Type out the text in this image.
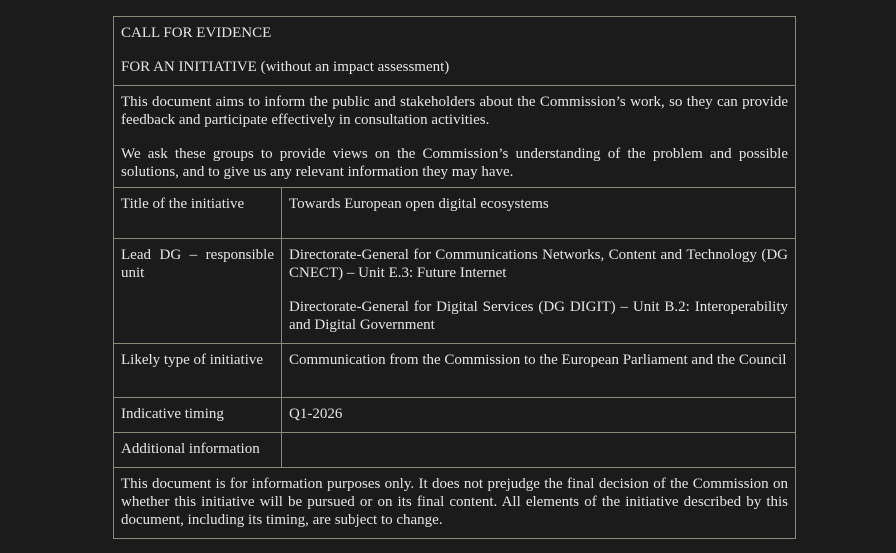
CALL FOR EVIDENCE

FOR AN INITIATIVE (without an impact assessment)	

This document aims to inform the public and stakeholders about the Commission’s work, so they can provide feedback and participate effectively in consultation activities.

We ask these groups to provide views on the Commission’s understanding of the problem and possible solutions, and to give us any relevant information they may have.	

Title of the initiative	Towards European open digital ecosystems
Lead DG – responsible unit	Directorate-General for Communications Networks, Content and Technology (DG CNECT) – Unit E.3: Future Internet

Directorate-General for Digital Services (DG DIGIT) – Unit B.2: Interoperability and Digital Government

Likely type of initiative	Communication from the Commission to the European Parliament and the Council
Indicative timing	Q1-2026
Additional information	
This document is for information purposes only. It does not prejudge the final decision of the Commission on whether this initiative will be pursued or on its final content. All elements of the initiative described by this document, including its timing, are subject to change.	
